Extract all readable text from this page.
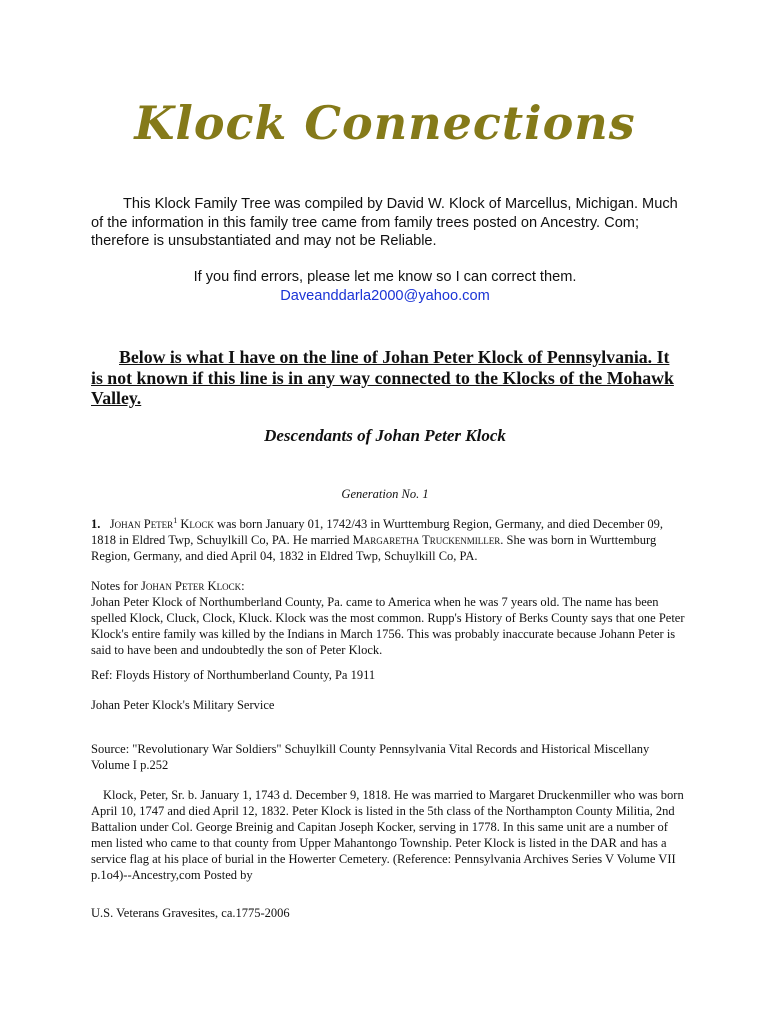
Klock Connections
This Klock Family Tree was compiled by David W. Klock of Marcellus, Michigan. Much of the information in this family tree came from family trees posted on Ancestry. Com; therefore is unsubstantiated and may not be Reliable.
If you find errors, please let me know so I can correct them.
Daveanddarla2000@yahoo.com
Below is what I have on the line of Johan Peter Klock of Pennsylvania. It is not known if this line is in any way connected to the Klocks of the Mohawk Valley.
Descendants of Johan Peter Klock
Generation No. 1
1. Johan Peter$^1$ Klock was born January 01, 1742/43 in Wurttemburg Region, Germany, and died December 09, 1818 in Eldred Twp, Schuylkill Co, PA. He married Margaretha Truckenmiller. She was born in Wurttemburg Region, Germany, and died April 04, 1832 in Eldred Twp, Schuylkill Co, PA.
Notes for Johan Peter Klock:
Johan Peter Klock of Northumberland County, Pa. came to America when he was 7 years old. The name has been spelled Klock, Cluck, Clock, Kluck. Klock was the most common. Rupp's History of Berks County says that one Peter Klock's entire family was killed by the Indians in March 1756. This was probably inaccurate because Johann Peter is said to have been and undoubtedly the son of Peter Klock.
Ref: Floyds History of Northumberland County, Pa 1911
Johan Peter Klock's Military Service
Source: "Revolutionary War Soldiers" Schuylkill County Pennsylvania Vital Records and Historical Miscellany Volume I p.252
Klock, Peter, Sr. b. January 1, 1743 d. December 9, 1818. He was married to Margaret Druckenmiller who was born April 10, 1747 and died April 12, 1832. Peter Klock is listed in the 5th class of the Northampton County Militia, 2nd Battalion under Col. George Breinig and Capitan Joseph Kocker, serving in 1778. In this same unit are a number of men listed who came to that county from Upper Mahantongo Township. Peter Klock is listed in the DAR and has a service flag at his place of burial in the Howerter Cemetery. (Reference: Pennsylvania Archives Series V Volume VII p.1o4)--Ancestry,com Posted by
U.S. Veterans Gravesites, ca.1775-2006
